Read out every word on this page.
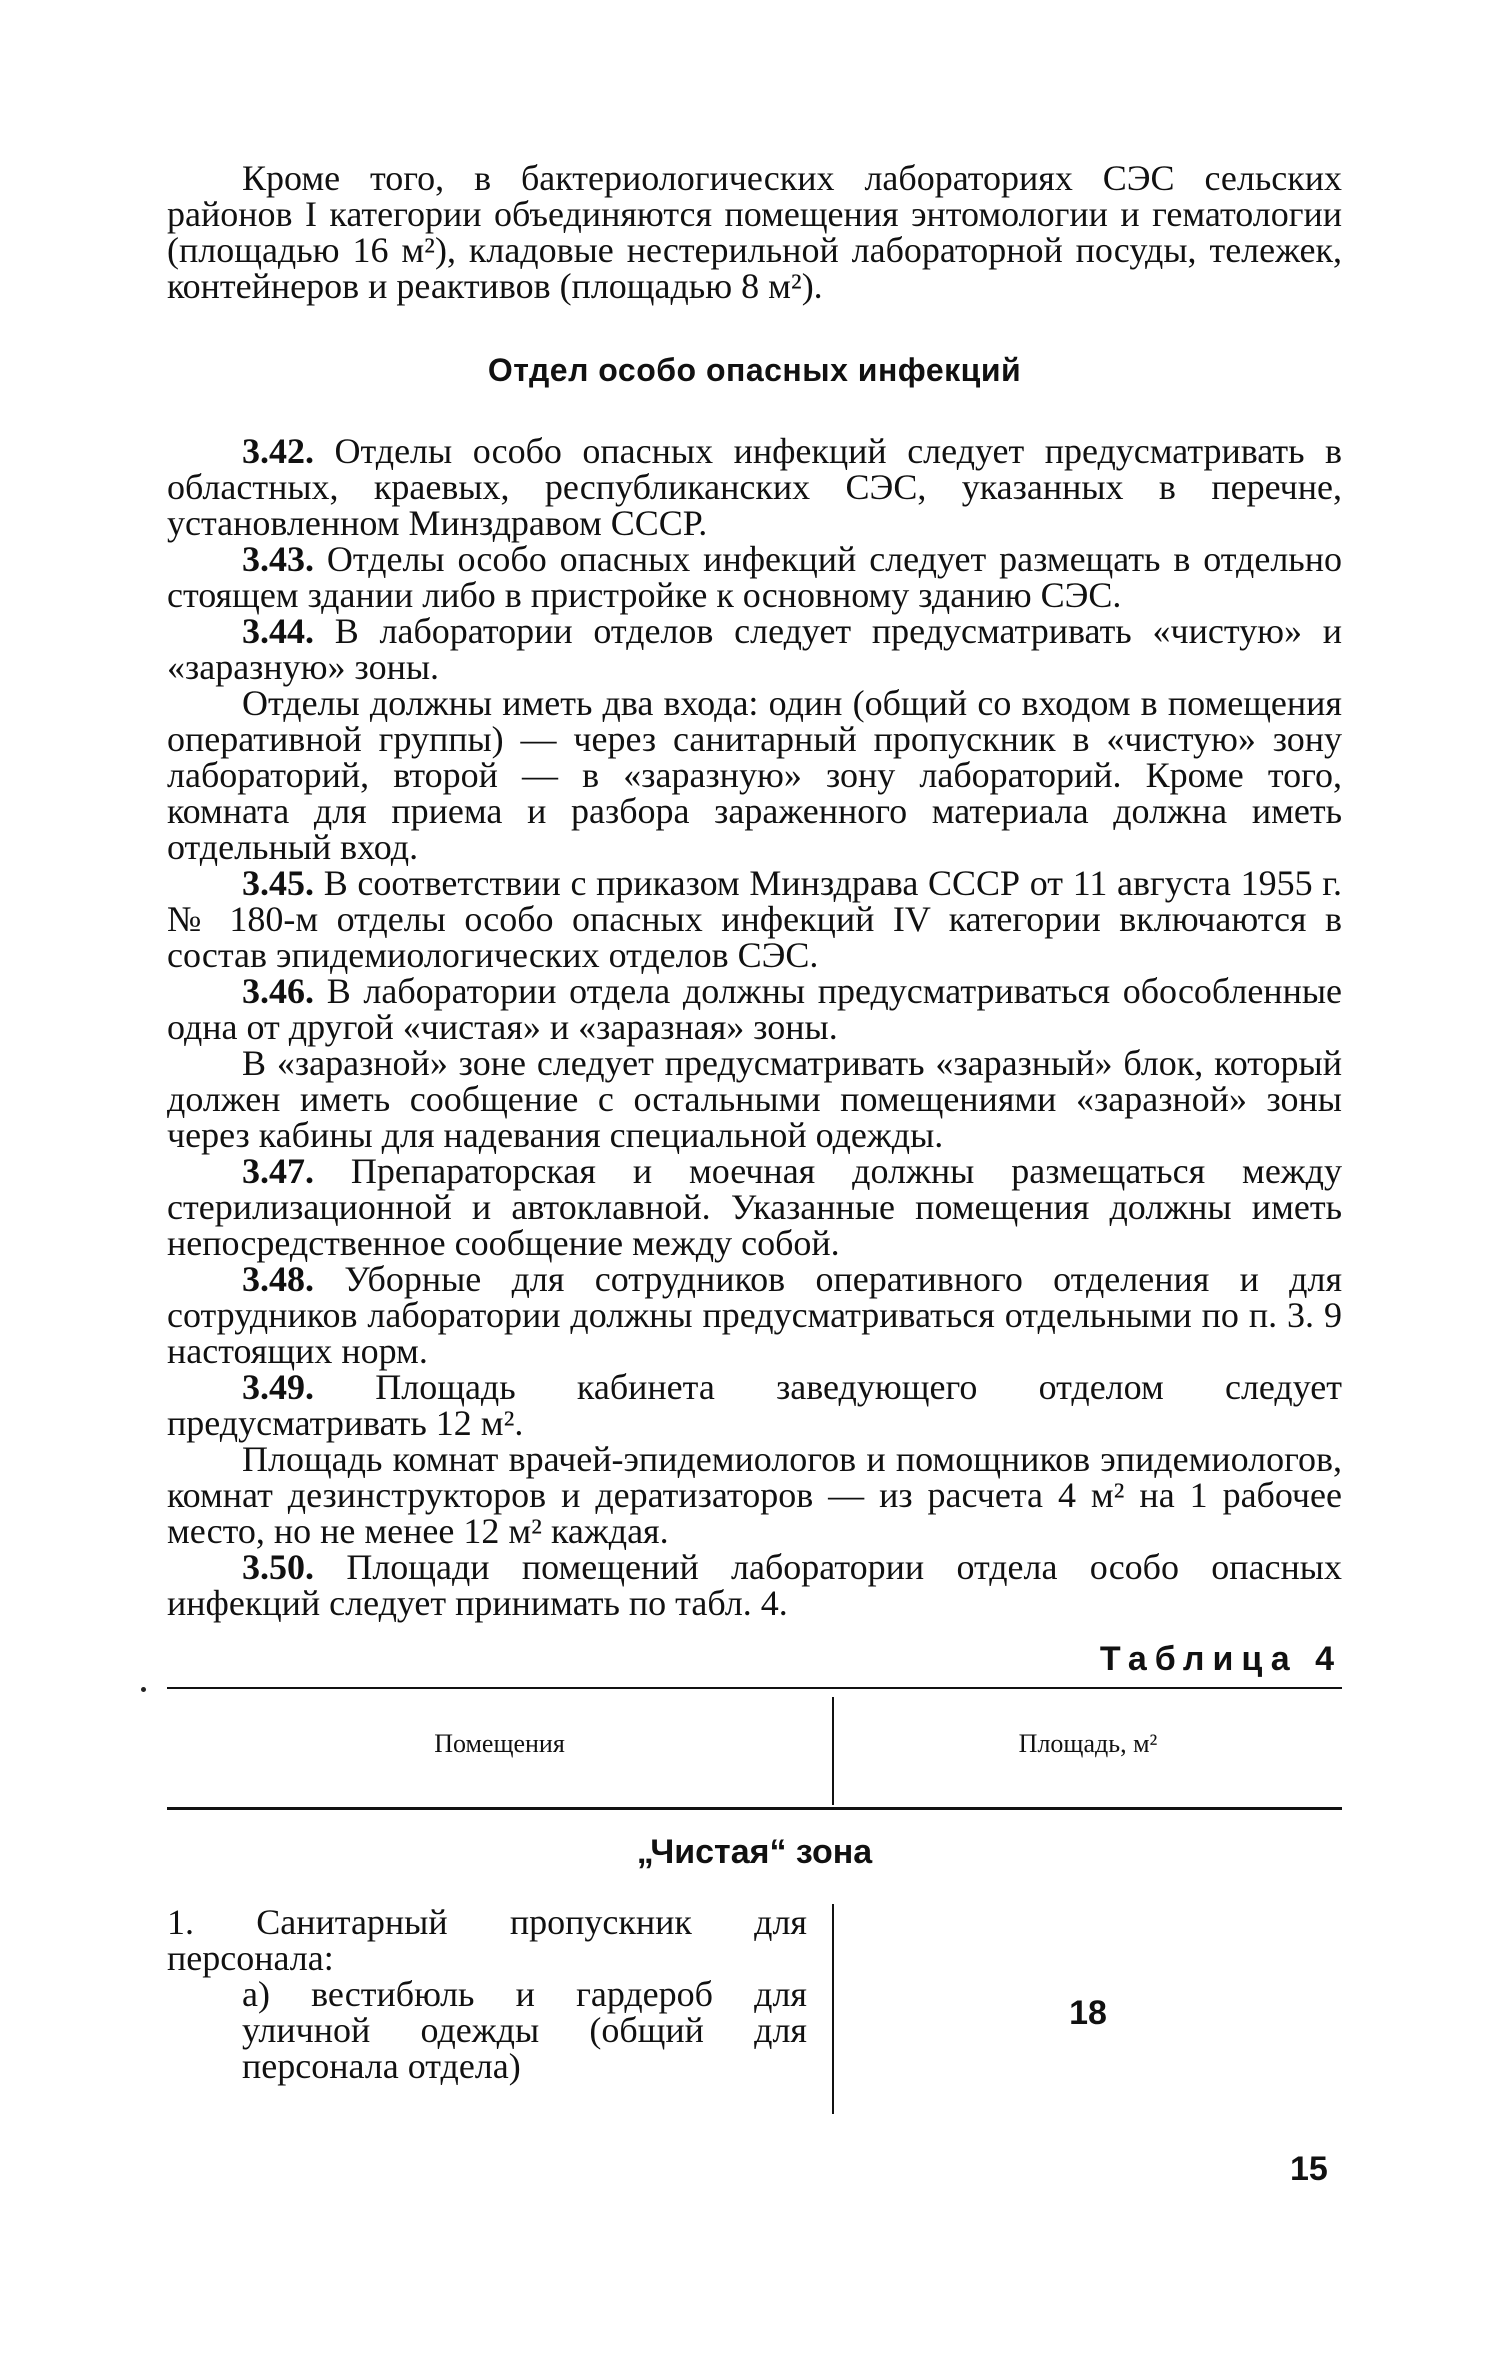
Кроме того, в бактериологических лабораториях СЭС сельских районов I категории объединяются помещения энтомологии и гематологии (площадью 16 м²), кладовые нестерильной лабораторной посуды, тележек, контейнеров и реактивов (площадью 8 м²).

Отдел особо опасных инфекций

3.42. Отделы особо опасных инфекций следует предусматривать в областных, краевых, республиканских СЭС, указанных в перечне, установленном Минздравом СССР.

3.43. Отделы особо опасных инфекций следует размещать в отдельно стоящем здании либо в пристройке к основному зданию СЭС.

3.44. В лаборатории отделов следует предусматривать «чистую» и «заразную» зоны.

Отделы должны иметь два входа: один (общий со входом в помещения оперативной группы) — через санитарный пропускник в «чистую» зону лабораторий, второй — в «заразную» зону лабораторий. Кроме того, комната для приема и разбора зараженного материала должна иметь отдельный вход.

3.45. В соответствии с приказом Минздрава СССР от 11 августа 1955 г. № 180-м отделы особо опасных инфекций IV категории включаются в состав эпидемиологических отделов СЭС.

3.46. В лаборатории отдела должны предусматриваться обособленные одна от другой «чистая» и «заразная» зоны.

В «заразной» зоне следует предусматривать «заразный» блок, который должен иметь сообщение с остальными помещениями «заразной» зоны через кабины для надевания специальной одежды.

3.47. Препараторская и моечная должны размещаться между стерилизационной и автоклавной. Указанные помещения должны иметь непосредственное сообщение между собой.

3.48. Уборные для сотрудников оперативного отделения и для сотрудников лаборатории должны предусматриваться отдельными по п. 3. 9 настоящих норм.

3.49. Площадь кабинета заведующего отделом следует предусматривать 12 м².

Площадь комнат врачей-эпидемиологов и помощников эпидемиологов, комнат дезинструкторов и дератизаторов — из расчета 4 м² на 1 рабочее место, но не менее 12 м² каждая.

3.50. Площади помещений лаборатории отдела особо опасных инфекций следует принимать по табл. 4.

Таблица 4
Помещения	Площадь, м²
„Чистая“ зона
1. Санитарный пропускник для персонала:
а) вестибюль и гардероб для уличной одежды (общий для персонала отдела)
18
15
